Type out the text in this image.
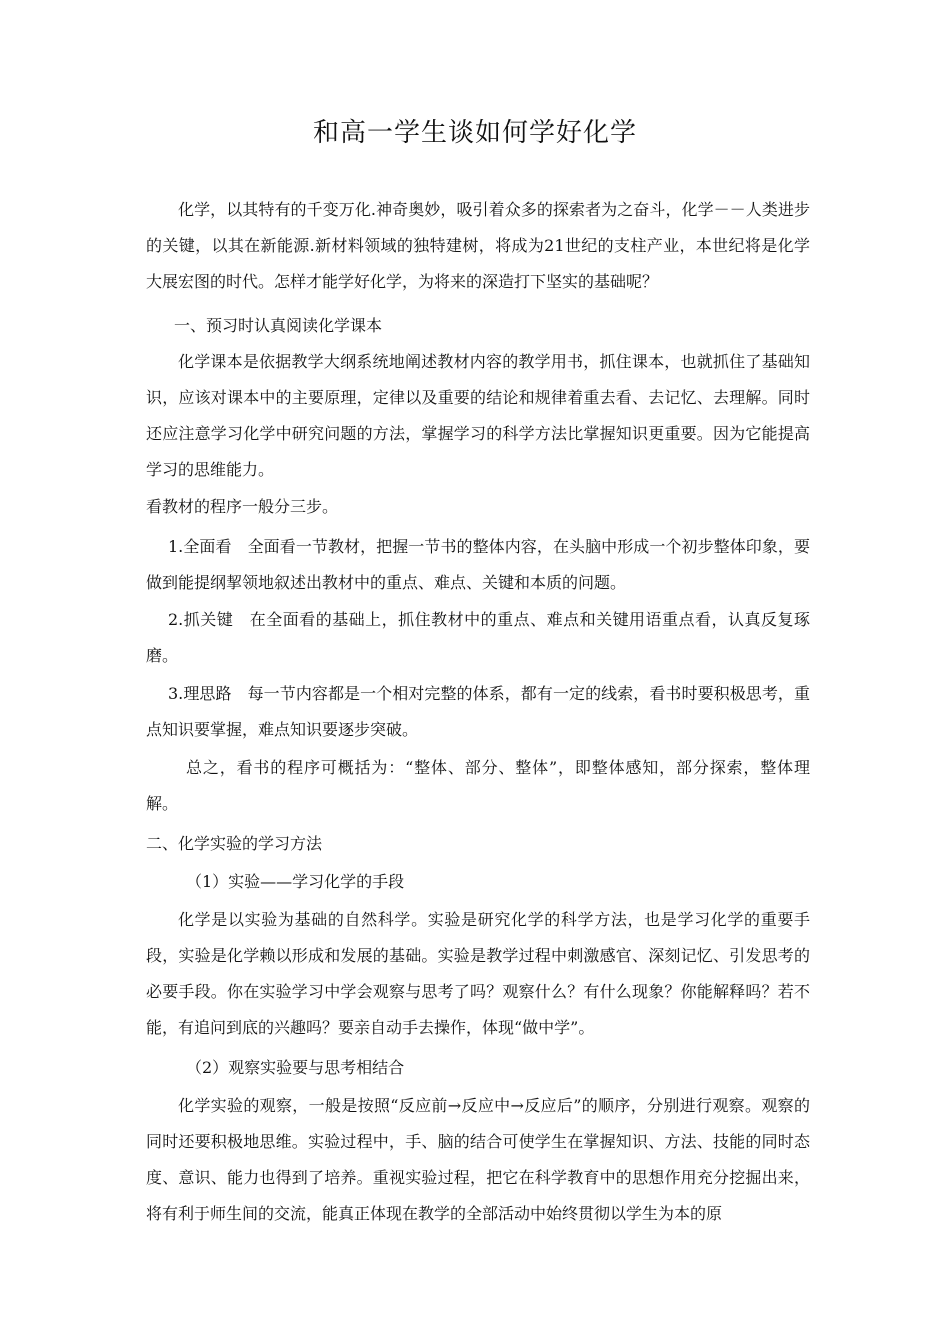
和高一学生谈如何学好化学

化学，以其特有的千变万化.神奇奥妙，吸引着众多的探索者为之奋斗，化学－－人类进步的关键，以其在新能源.新材料领域的独特建树，将成为21世纪的支柱产业，本世纪将是化学大展宏图的时代。怎样才能学好化学，为将来的深造打下坚实的基础呢？

一、预习时认真阅读化学课本

化学课本是依据教学大纲系统地阐述教材内容的教学用书，抓住课本，也就抓住了基础知识，应该对课本中的主要原理，定律以及重要的结论和规律着重去看、去记忆、去理解。同时还应注意学习化学中研究问题的方法，掌握学习的科学方法比掌握知识更重要。因为它能提高学习的思维能力。

看教材的程序一般分三步。

1.全面看　全面看一节教材，把握一节书的整体内容，在头脑中形成一个初步整体印象，要做到能提纲挈领地叙述出教材中的重点、难点、关键和本质的问题。

2.抓关键　在全面看的基础上，抓住教材中的重点、难点和关键用语重点看，认真反复琢磨。

3.理思路　每一节内容都是一个相对完整的体系，都有一定的线索，看书时要积极思考，重点知识要掌握，难点知识要逐步突破。

总之，看书的程序可概括为：“整体、部分、整体”，即整体感知，部分探索，整体理解。

二、化学实验的学习方法

（1）实验——学习化学的手段

化学是以实验为基础的自然科学。实验是研究化学的科学方法，也是学习化学的重要手段，实验是化学赖以形成和发展的基础。实验是教学过程中刺激感官、深刻记忆、引发思考的必要手段。你在实验学习中学会观察与思考了吗？观察什么？有什么现象？你能解释吗？若不能，有追问到底的兴趣吗？要亲自动手去操作，体现“做中学”。

（2）观察实验要与思考相结合

化学实验的观察，一般是按照“反应前→反应中→反应后”的顺序，分别进行观察。观察的同时还要积极地思维。实验过程中，手、脑的结合可使学生在掌握知识、方法、技能的同时态度、意识、能力也得到了培养。重视实验过程，把它在科学教育中的思想作用充分挖掘出来，将有利于师生间的交流，能真正体现在教学的全部活动中始终贯彻以学生为本的原
